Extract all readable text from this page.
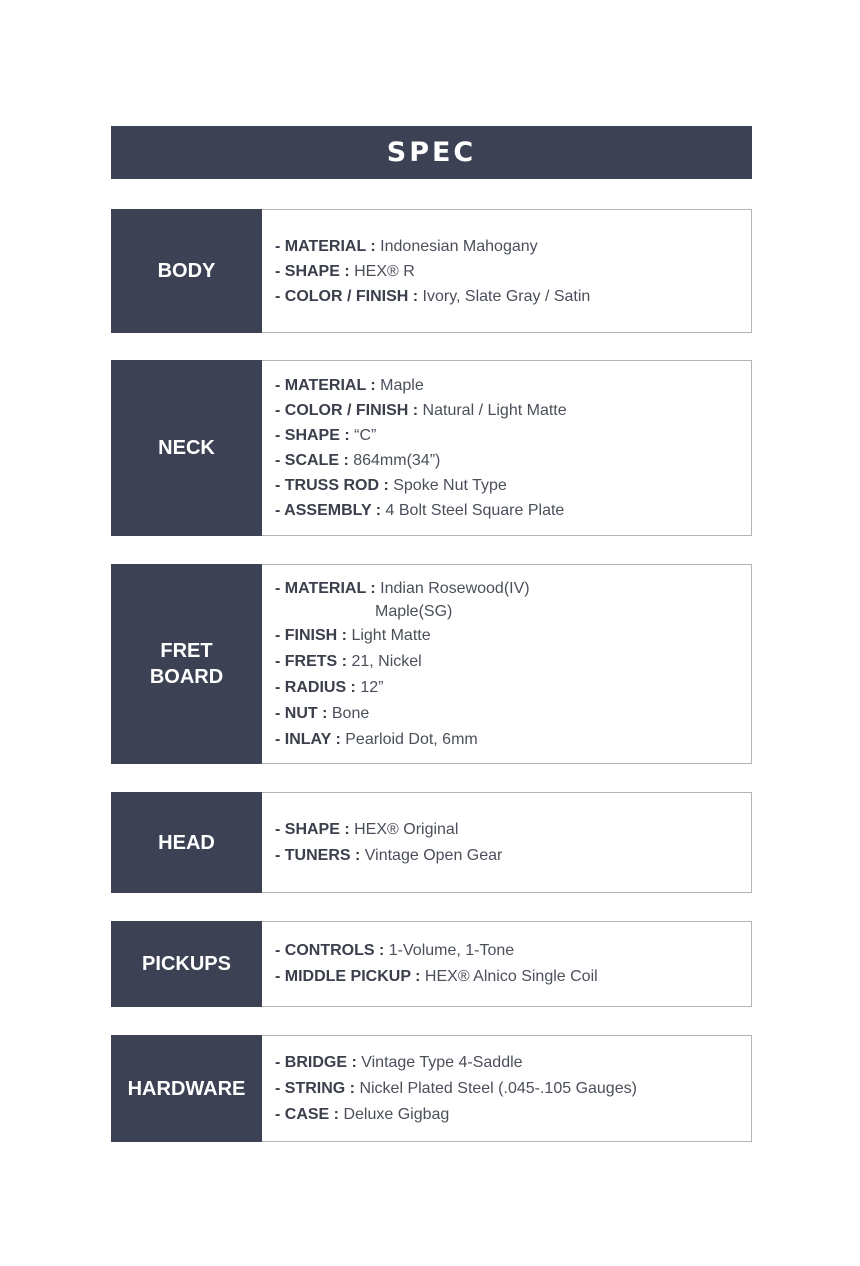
SPEC
BODY
- MATERIAL : Indonesian Mahogany
- SHAPE : HEX® R
- COLOR / FINISH : Ivory, Slate Gray / Satin
NECK
- MATERIAL : Maple
- COLOR / FINISH : Natural / Light Matte
- SHAPE : “C”
- SCALE : 864mm(34”)
- TRUSS ROD : Spoke Nut Type
- ASSEMBLY : 4 Bolt Steel Square Plate
FRET
BOARD
- MATERIAL : Indian Rosewood(IV)
Maple(SG)
- FINISH : Light Matte
- FRETS : 21, Nickel
- RADIUS : 12”
- NUT : Bone
- INLAY : Pearloid Dot, 6mm
HEAD
- SHAPE : HEX® Original
- TUNERS : Vintage Open Gear
PICKUPS
- CONTROLS : 1-Volume, 1-Tone
- MIDDLE PICKUP : HEX® Alnico Single Coil
HARDWARE
- BRIDGE : Vintage Type 4-Saddle
- STRING : Nickel Plated Steel (.045-.105 Gauges)
- CASE : Deluxe Gigbag
